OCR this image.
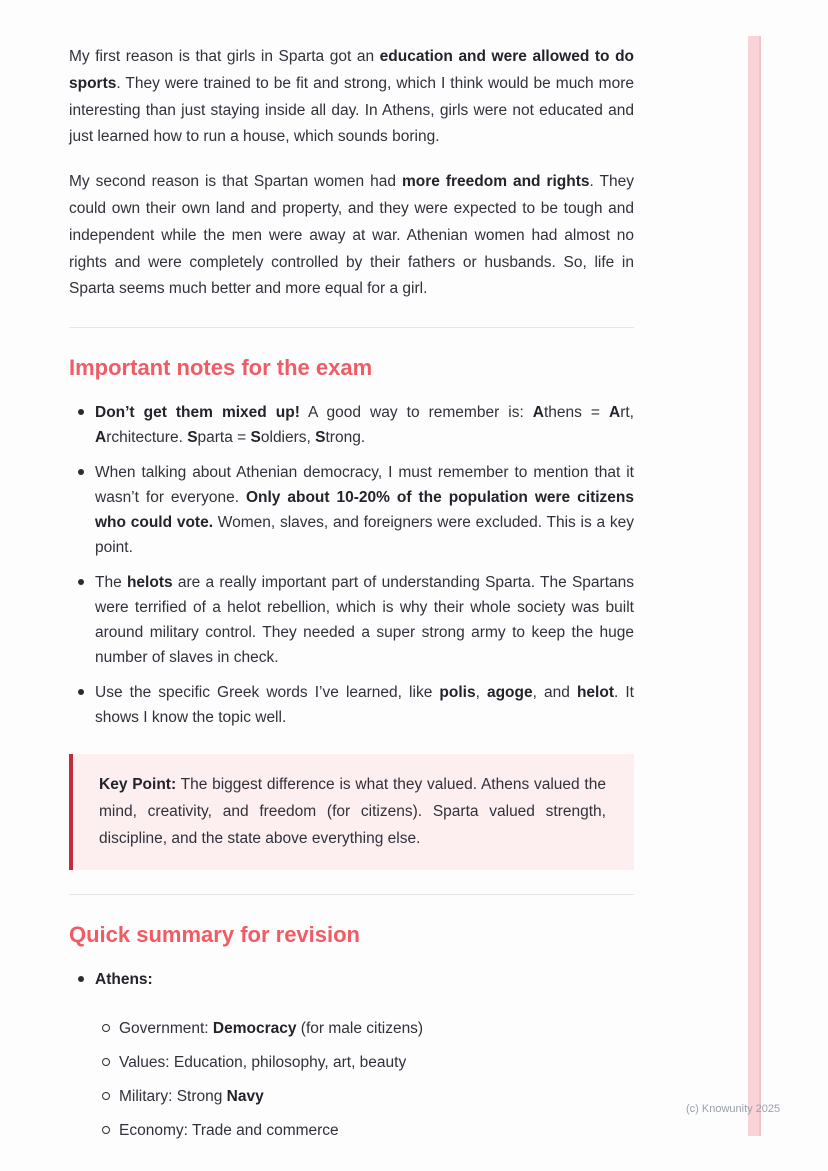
My first reason is that girls in Sparta got an education and were allowed to do sports. They were trained to be fit and strong, which I think would be much more interesting than just staying inside all day. In Athens, girls were not educated and just learned how to run a house, which sounds boring.

My second reason is that Spartan women had more freedom and rights. They could own their own land and property, and they were expected to be tough and independent while the men were away at war. Athenian women had almost no rights and were completely controlled by their fathers or husbands. So, life in Sparta seems much better and more equal for a girl.

Important notes for the exam
Don’t get them mixed up! A good way to remember is: Athens = Art, Architecture. Sparta = Soldiers, Strong.
When talking about Athenian democracy, I must remember to mention that it wasn’t for everyone. Only about 10-20% of the population were citizens who could vote. Women, slaves, and foreigners were excluded. This is a key point.
The helots are a really important part of understanding Sparta. The Spartans were terrified of a helot rebellion, which is why their whole society was built around military control. They needed a super strong army to keep the huge number of slaves in check.
Use the specific Greek words I’ve learned, like polis, agoge, and helot. It shows I know the topic well.

Key Point: The biggest difference is what they valued. Athens valued the mind, creativity, and freedom (for citizens). Sparta valued strength, discipline, and the state above everything else.

Quick summary for revision
Athens:
Government: Democracy (for male citizens)
Values: Education, philosophy, art, beauty
Military: Strong Navy
Economy: Trade and commerce
(c) Knowunity 2025
